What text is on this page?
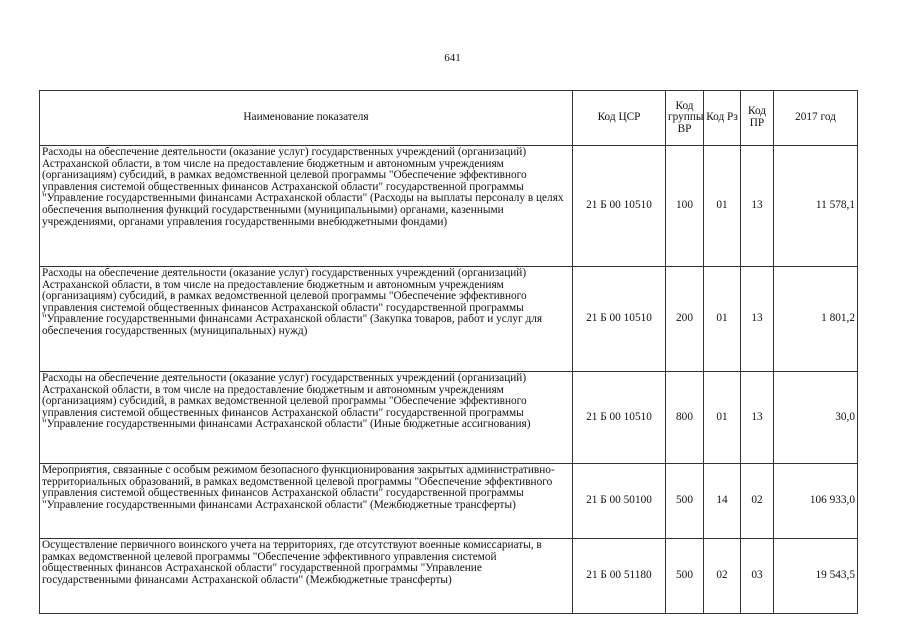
641
Наименование показателя	Код ЦСР	Код группы ВР	Код Рз	Код ПР	2017 год
Расходы на обеспечение деятельности (оказание услуг) государственных учреждений (организаций) Астраханской области, в том числе на предоставление бюджетным и автономным учреждениям (организациям) субсидий, в рамках ведомственной целевой программы "Обеспечение эффективного управления системой общественных финансов Астраханской области" государственной программы "Управление государственными финансами Астраханской области" (Расходы на выплаты персоналу в целях обеспечения выполнения функций государственными (муниципальными) органами, казенными учреждениями, органами управления государственными внебюджетными фондами)	21 Б 00 10510	100	01	13	11 578,1
Расходы на обеспечение деятельности (оказание услуг) государственных учреждений (организаций) Астраханской области, в том числе на предоставление бюджетным и автономным учреждениям (организациям) субсидий, в рамках ведомственной целевой программы "Обеспечение эффективного управления системой общественных финансов Астраханской области" государственной программы "Управление государственными финансами Астраханской области" (Закупка товаров, работ и услуг для обеспечения государственных (муниципальных) нужд)	21 Б 00 10510	200	01	13	1 801,2
Расходы на обеспечение деятельности (оказание услуг) государственных учреждений (организаций) Астраханской области, в том числе на предоставление бюджетным и автономным учреждениям (организациям) субсидий, в рамках ведомственной целевой программы "Обеспечение эффективного управления системой общественных финансов Астраханской области" государственной программы "Управление государственными финансами Астраханской области" (Иные бюджетные ассигнования)	21 Б 00 10510	800	01	13	30,0
Мероприятия, связанные с особым режимом безопасного функционирования закрытых административно-территориальных образований, в рамках ведомственной целевой программы "Обеспечение эффективного управления системой общественных финансов Астраханской области" государственной программы "Управление государственными финансами Астраханской области" (Межбюджетные трансферты)	21 Б 00 50100	500	14	02	106 933,0
Осуществление первичного воинского учета на территориях, где отсутствуют военные комиссариаты, в рамках ведомственной целевой программы "Обеспечение эффективного управления системой общественных финансов Астраханской области" государственной программы "Управление государственными финансами Астраханской области" (Межбюджетные трансферты)	21 Б 00 51180	500	02	03	19 543,5
